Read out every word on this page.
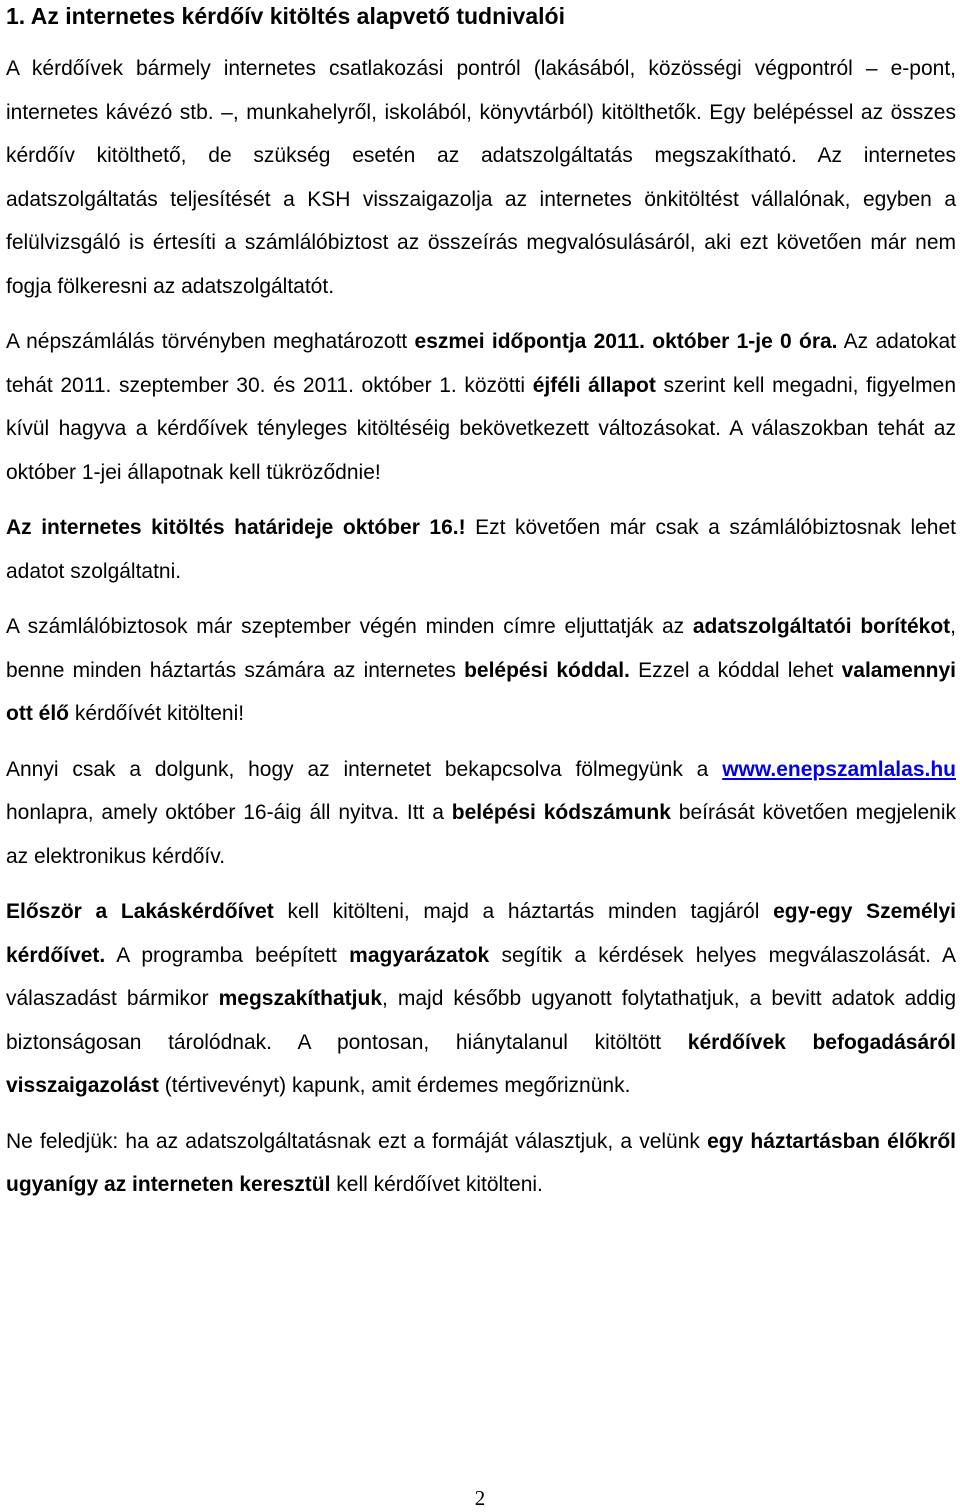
1. Az internetes kérdőív kitöltés alapvető tudnivalói

A kérdőívek bármely internetes csatlakozási pontról (lakásából, közösségi végpontról – e-pont, internetes kávézó stb. –, munkahelyről, iskolából, könyvtárból) kitölthetők. Egy belépéssel az összes kérdőív kitölthető, de szükség esetén az adatszolgáltatás megszakítható. Az internetes adatszolgáltatás teljesítését a KSH visszaigazolja az internetes önkitöltést vállalónak, egyben a felülvizsgáló is értesíti a számlálóbiztost az összeírás megvalósulásáról, aki ezt követően már nem fogja fölkeresni az adatszolgáltatót.

A népszámlálás törvényben meghatározott eszmei időpontja 2011. október 1-je 0 óra. Az adatokat tehát 2011. szeptember 30. és 2011. október 1. közötti éjféli állapot szerint kell megadni, figyelmen kívül hagyva a kérdőívek tényleges kitöltéséig bekövetkezett változásokat. A válaszokban tehát az október 1-jei állapotnak kell tükröződnie!

Az internetes kitöltés határideje október 16.! Ezt követően már csak a számlálóbiztosnak lehet adatot szolgáltatni.

A számlálóbiztosok már szeptember végén minden címre eljuttatják az adatszolgáltatói borítékot, benne minden háztartás számára az internetes belépési kóddal. Ezzel a kóddal lehet valamennyi ott élő kérdőívét kitölteni!

Annyi csak a dolgunk, hogy az internetet bekapcsolva fölmegyünk a www.enepszamlalas.hu honlapra, amely október 16-áig áll nyitva. Itt a belépési kódszámunk beírását követően megjelenik az elektronikus kérdőív.

Először a Lakáskérdőívet kell kitölteni, majd a háztartás minden tagjáról egy-egy Személyi kérdőívet. A programba beépített magyarázatok segítik a kérdések helyes megválaszolását. A válaszadást bármikor megszakíthatjuk, majd később ugyanott folytathatjuk, a bevitt adatok addig biztonságosan tárolódnak. A pontosan, hiánytalanul kitöltött kérdőívek befogadásáról visszaigazolást (tértivevényt) kapunk, amit érdemes megőriznünk.

Ne feledjük: ha az adatszolgáltatásnak ezt a formáját választjuk, a velünk egy háztartásban élőkről ugyanígy az interneten keresztül kell kérdőívet kitölteni.

2
